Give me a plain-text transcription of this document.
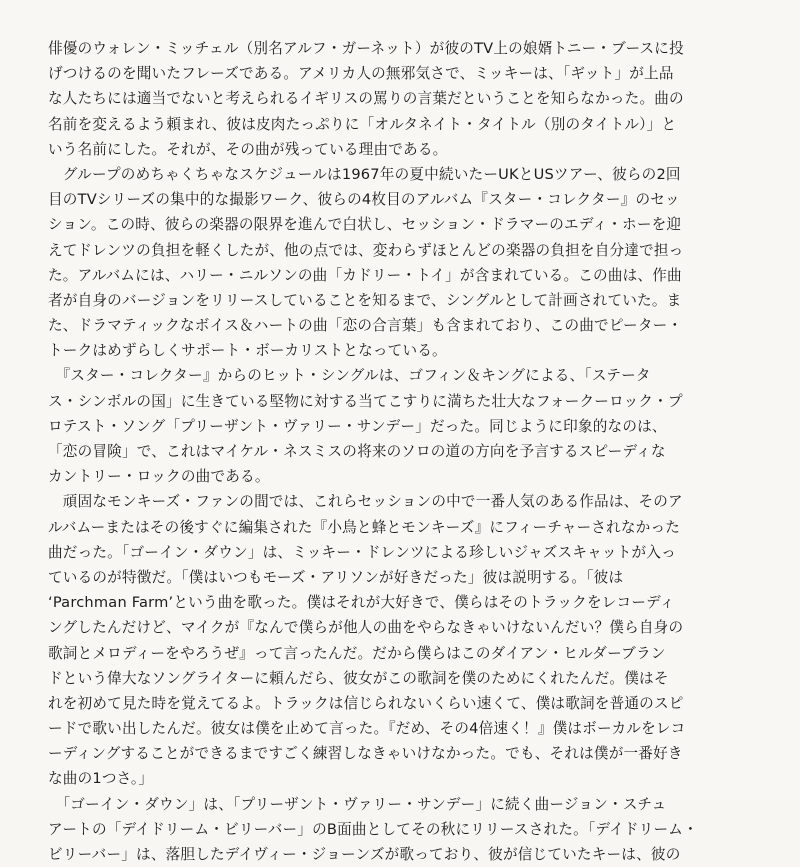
俳優のウォレン・ミッチェル（別名アルフ・ガーネット）が彼のTV上の娘婿トニー・ブースに投
げつけるのを聞いたフレーズである。アメリカ人の無邪気さで、ミッキーは、「ギット」が上品
な人たちには適当でないと考えられるイギリスの罵りの言葉だということを知らなかった。曲の
名前を変えるよう頼まれ、彼は皮肉たっぷりに「オルタネイト・タイトル（別のタイトル）」と
いう名前にした。それが、その曲が残っている理由である。
　グループのめちゃくちゃなスケジュールは1967年の夏中続いたーUKとUSツアー、彼らの2回
目のTVシリーズの集中的な撮影ワーク、彼らの4枚目のアルバム『スター・コレクター』のセッ
ション。この時、彼らの楽器の限界を進んで白状し、セッション・ドラマーのエディ・ホーを迎
えてドレンツの負担を軽くしたが、他の点では、変わらずほとんどの楽器の負担を自分達で担っ
た。アルバムには、ハリー・ニルソンの曲「カドリー・トイ」が含まれている。この曲は、作曲
者が自身のバージョンをリリースしていることを知るまで、シングルとして計画されていた。ま
た、ドラマティックなボイス＆ハートの曲「恋の合言葉」も含まれており、この曲でピーター・
トークはめずらしくサポート・ボーカリストとなっている。
　『スター・コレクター』からのヒット・シングルは、ゴフィン＆キングによる、「ステータ
ス・シンボルの国」に生きている堅物に対する当てこすりに満ちた壮大なフォークーロック・プ
ロテスト・ソング「プリーザント・ヴァリー・サンデー」だった。同じように印象的なのは、
「恋の冒険」で、これはマイケル・ネスミスの将来のソロの道の方向を予言するスピーディな
カントリー・ロックの曲である。
　頑固なモンキーズ・ファンの間では、これらセッションの中で一番人気のある作品は、そのア
ルバムーまたはその後すぐに編集された『小鳥と蜂とモンキーズ』にフィーチャーされなかった
曲だった。「ゴーイン・ダウン」は、ミッキー・ドレンツによる珍しいジャズスキャットが入っ
ているのが特徴だ。「僕はいつもモーズ・アリソンが好きだった」彼は説明する。「彼は
‘Parchman Farm’という曲を歌った。僕はそれが大好きで、僕らはそのトラックをレコーディ
ングしたんだけど、マイクが『なんで僕らが他人の曲をやらなきゃいけないんだい？僕ら自身の
歌詞とメロディーをやろうぜ』って言ったんだ。だから僕らはこのダイアン・ヒルダーブラン
ドという偉大なソングライターに頼んだら、彼女がこの歌詞を僕のためにくれたんだ。僕はそ
れを初めて見た時を覚えてるよ。トラックは信じられないくらい速くて、僕は歌詞を普通のスピ
ードで歌い出したんだ。彼女は僕を止めて言った。『だめ、その4倍速く！』僕はボーカルをレコ
ーディングすることができるまですごく練習しなきゃいけなかった。でも、それは僕が一番好き
な曲の1つさ。」
　「ゴーイン・ダウン」は、「プリーザント・ヴァリー・サンデー」に続く曲ージョン・スチュ
アートの「デイドリーム・ビリーバー」のB面曲としてその秋にリリースされた。「デイドリーム・
ビリーバー」は、落胆したデイヴィー・ジョーンズが歌っており、彼が信じていたキーは、彼の
